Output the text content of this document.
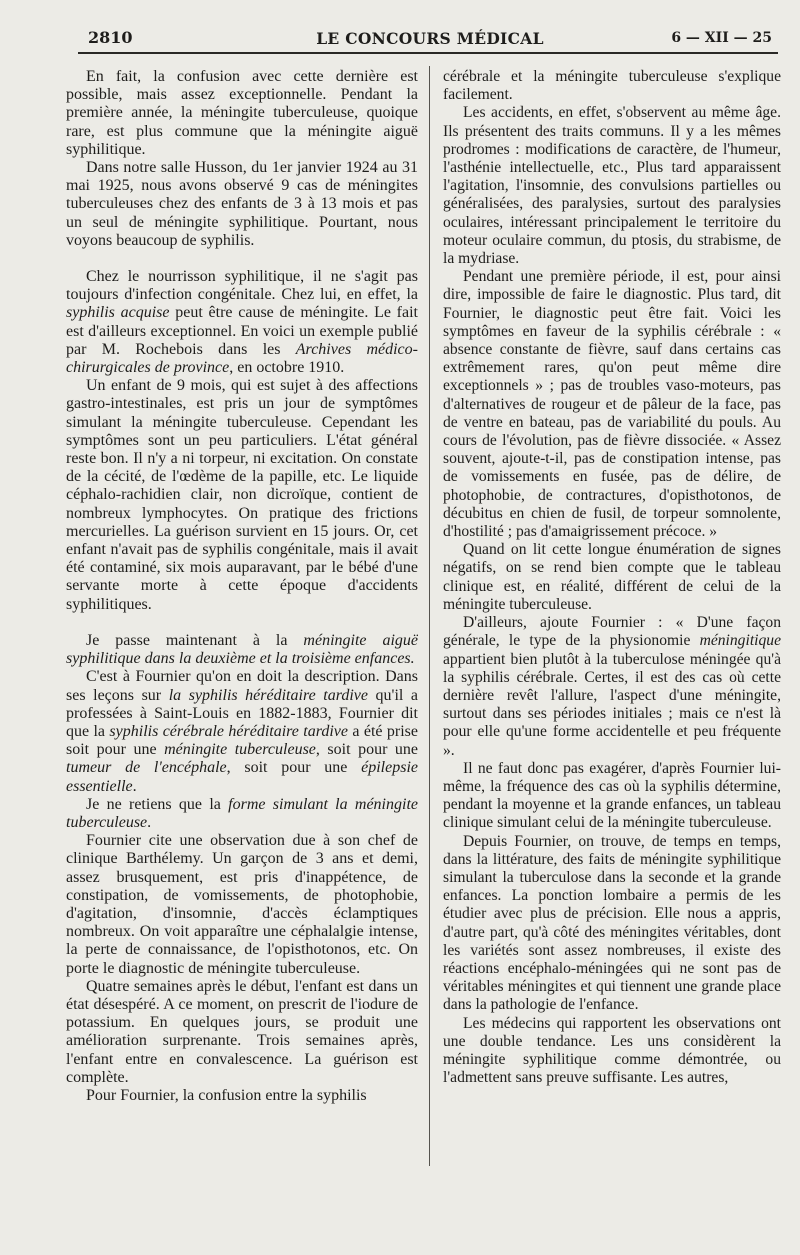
2810	LE CONCOURS MÉDICAL	6 — XII — 25

En fait, la confusion avec cette dernière est possible, mais assez exceptionnelle. Pendant la première année, la méningite tuberculeuse, quoique rare, est plus commune que la méningite aiguë syphilitique.

Dans notre salle Husson, du 1er janvier 1924 au 31 mai 1925, nous avons observé 9 cas de méningites tuberculeuses chez des enfants de 3 à 13 mois et pas un seul de méningite syphilitique. Pourtant, nous voyons beaucoup de syphilis.

Chez le nourrisson syphilitique, il ne s'agit pas toujours d'infection congénitale. Chez lui, en effet, la syphilis acquise peut être cause de méningite. Le fait est d'ailleurs exceptionnel. En voici un exemple publié par M. Rochebois dans les Archives médico-chirurgicales de province, en octobre 1910.

Un enfant de 9 mois, qui est sujet à des affections gastro-intestinales, est pris un jour de symptômes simulant la méningite tuberculeuse. Cependant les symptômes sont un peu particuliers. L'état général reste bon. Il n'y a ni torpeur, ni excitation. On constate de la cécité, de l'œdème de la papille, etc. Le liquide céphalo-rachidien clair, non dicroïque, contient de nombreux lymphocytes. On pratique des frictions mercurielles. La guérison survient en 15 jours. Or, cet enfant n'avait pas de syphilis congénitale, mais il avait été contaminé, six mois auparavant, par le bébé d'une servante morte à cette époque d'accidents syphilitiques.

Je passe maintenant à la méningite aiguë syphilitique dans la deuxième et la troisième enfances.

C'est à Fournier qu'on en doit la description. Dans ses leçons sur la syphilis héréditaire tardive qu'il a professées à Saint-Louis en 1882-1883, Fournier dit que la syphilis cérébrale héréditaire tardive a été prise soit pour une méningite tuberculeuse, soit pour une tumeur de l'encéphale, soit pour une épilepsie essentielle.

Je ne retiens que la forme simulant la méningite tuberculeuse.

Fournier cite une observation due à son chef de clinique Barthélemy. Un garçon de 3 ans et demi, assez brusquement, est pris d'inappétence, de constipation, de vomissements, de photophobie, d'agitation, d'insomnie, d'accès éclamptiques nombreux. On voit apparaître une céphalalgie intense, la perte de connaissance, de l'opisthotonos, etc. On porte le diagnostic de méningite tuberculeuse.

Quatre semaines après le début, l'enfant est dans un état désespéré. A ce moment, on prescrit de l'iodure de potassium. En quelques jours, se produit une amélioration surprenante. Trois semaines après, l'enfant entre en convalescence. La guérison est complète.

Pour Fournier, la confusion entre la syphilis

cérébrale et la méningite tuberculeuse s'explique facilement.

Les accidents, en effet, s'observent au même âge. Ils présentent des traits communs. Il y a les mêmes prodromes : modifications de caractère, de l'humeur, l'asthénie intellectuelle, etc., Plus tard apparaissent l'agitation, l'insomnie, des convulsions partielles ou généralisées, des paralysies, surtout des paralysies oculaires, intéressant principalement le territoire du moteur oculaire commun, du ptosis, du strabisme, de la mydriase.

Pendant une première période, il est, pour ainsi dire, impossible de faire le diagnostic. Plus tard, dit Fournier, le diagnostic peut être fait. Voici les symptômes en faveur de la syphilis cérébrale : « absence constante de fièvre, sauf dans certains cas extrêmement rares, qu'on peut même dire exceptionnels » ; pas de troubles vaso-moteurs, pas d'alternatives de rougeur et de pâleur de la face, pas de ventre en bateau, pas de variabilité du pouls. Au cours de l'évolution, pas de fièvre dissociée. « Assez souvent, ajoute-t-il, pas de constipation intense, pas de vomissements en fusée, pas de délire, de photophobie, de contractures, d'opisthotonos, de décubitus en chien de fusil, de torpeur somnolente, d'hostilité ; pas d'amaigrissement précoce. »

Quand on lit cette longue énumération de signes négatifs, on se rend bien compte que le tableau clinique est, en réalité, différent de celui de la méningite tuberculeuse.

D'ailleurs, ajoute Fournier : « D'une façon générale, le type de la physionomie méningitique appartient bien plutôt à la tuberculose méningée qu'à la syphilis cérébrale. Certes, il est des cas où cette dernière revêt l'allure, l'aspect d'une méningite, surtout dans ses périodes initiales ; mais ce n'est là pour elle qu'une forme accidentelle et peu fréquente ».

Il ne faut donc pas exagérer, d'après Fournier lui-même, la fréquence des cas où la syphilis détermine, pendant la moyenne et la grande enfances, un tableau clinique simulant celui de la méningite tuberculeuse.

Depuis Fournier, on trouve, de temps en temps, dans la littérature, des faits de méningite syphilitique simulant la tuberculose dans la seconde et la grande enfances. La ponction lombaire a permis de les étudier avec plus de précision. Elle nous a appris, d'autre part, qu'à côté des méningites véritables, dont les variétés sont assez nombreuses, il existe des réactions encéphalo-méningées qui ne sont pas de véritables méningites et qui tiennent une grande place dans la pathologie de l'enfance.

Les médecins qui rapportent les observations ont une double tendance. Les uns considèrent la méningite syphilitique comme démontrée, ou l'admettent sans preuve suffisante. Les autres,
